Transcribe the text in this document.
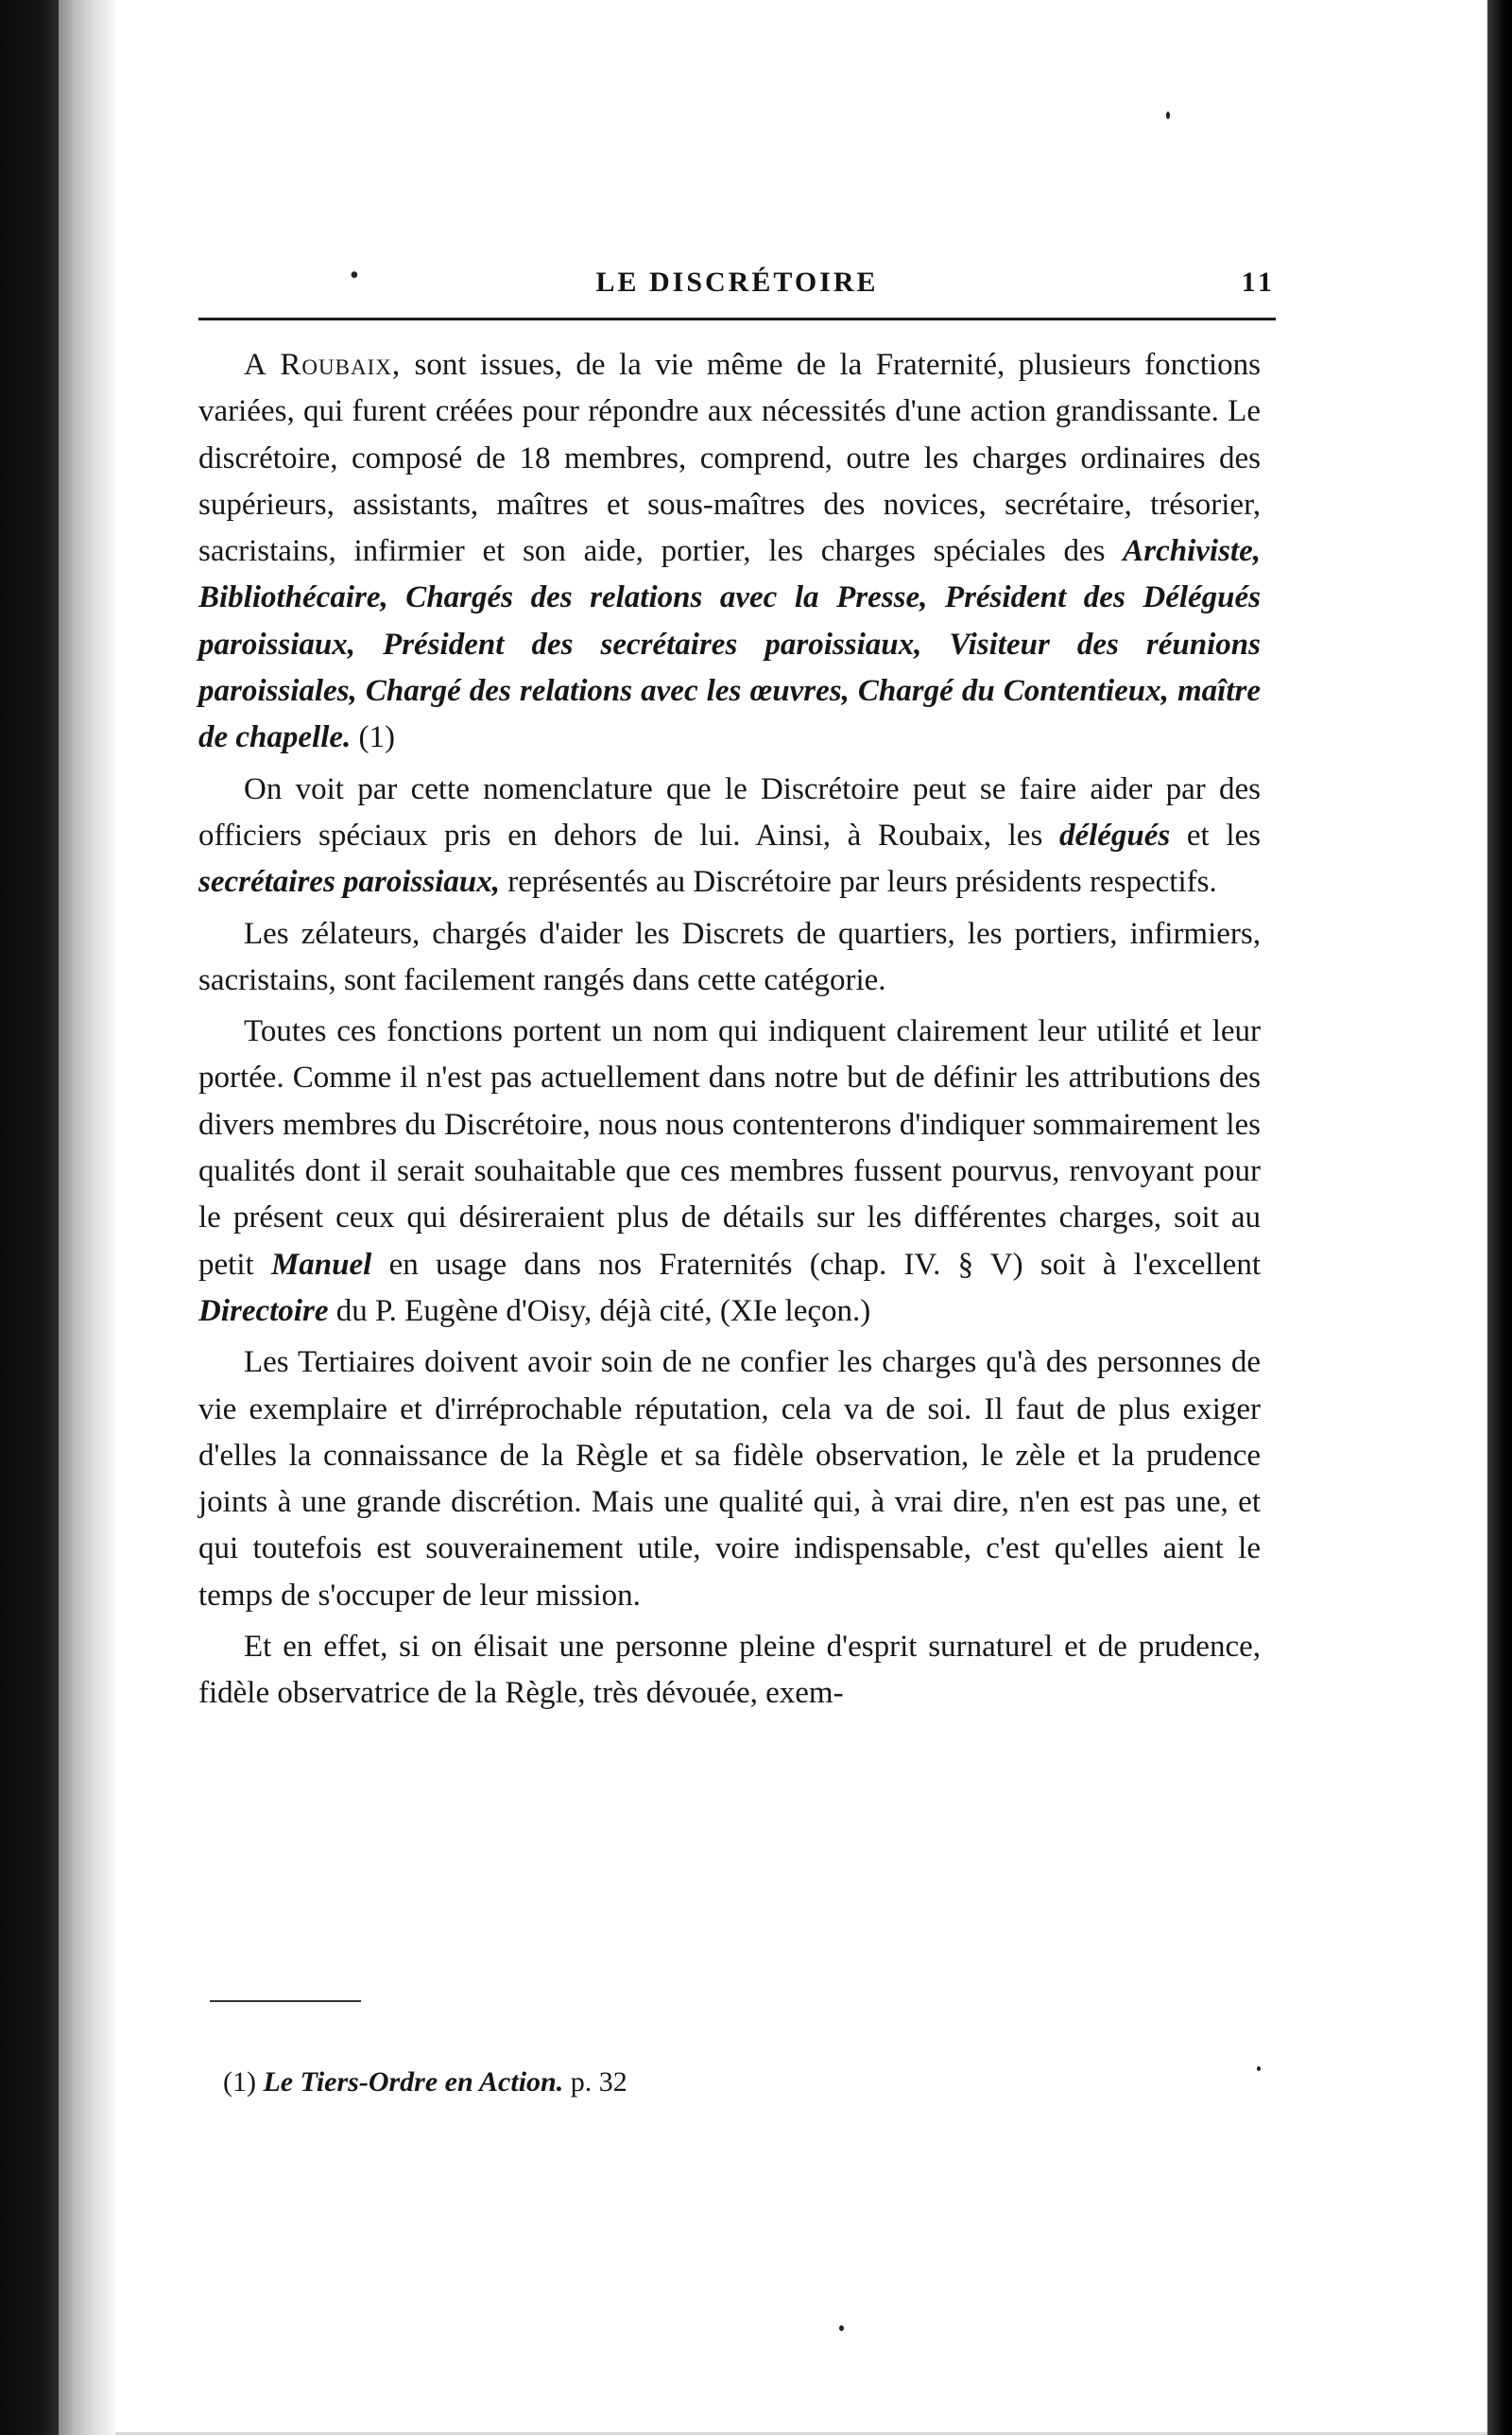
•	LE DISCRÉTOIRE	11

A Roubaix, sont issues, de la vie même de la Fraternité, plusieurs fonctions variées, qui furent créées pour répondre aux nécessités d'une action grandissante. Le discrétoire, composé de 18 membres, comprend, outre les charges ordinaires des supérieurs, assistants, maîtres et sous-maîtres des novices, secrétaire, trésorier, sacristains, infirmier et son aide, portier, les charges spéciales des Archiviste, Bibliothécaire, Chargés des relations avec la Presse, Président des Délégués paroissiaux, Président des secrétaires paroissiaux, Visiteur des réunions paroissiales, Chargé des relations avec les œuvres, Chargé du Contentieux, maître de chapelle. (1)

On voit par cette nomenclature que le Discrétoire peut se faire aider par des officiers spéciaux pris en dehors de lui. Ainsi, à Roubaix, les délégués et les secrétaires paroissiaux, représentés au Discrétoire par leurs présidents respectifs.

Les zélateurs, chargés d'aider les Discrets de quartiers, les portiers, infirmiers, sacristains, sont facilement rangés dans cette catégorie.

Toutes ces fonctions portent un nom qui indiquent clairement leur utilité et leur portée. Comme il n'est pas actuellement dans notre but de définir les attributions des divers membres du Discrétoire, nous nous contenterons d'indiquer sommairement les qualités dont il serait souhaitable que ces membres fussent pourvus, renvoyant pour le présent ceux qui désireraient plus de détails sur les différentes charges, soit au petit Manuel en usage dans nos Fraternités (chap. IV. § V) soit à l'excellent Directoire du P. Eugène d'Oisy, déjà cité, (XIe leçon.)

Les Tertiaires doivent avoir soin de ne confier les charges qu'à des personnes de vie exemplaire et d'irréprochable réputation, cela va de soi. Il faut de plus exiger d'elles la connaissance de la Règle et sa fidèle observation, le zèle et la prudence joints à une grande discrétion. Mais une qualité qui, à vrai dire, n'en est pas une, et qui toutefois est souverainement utile, voire indispensable, c'est qu'elles aient le temps de s'occuper de leur mission.

Et en effet, si on élisait une personne pleine d'esprit surnaturel et de prudence, fidèle observatrice de la Règle, très dévouée, exem-

(1) Le Tiers-Ordre en Action. p. 32
